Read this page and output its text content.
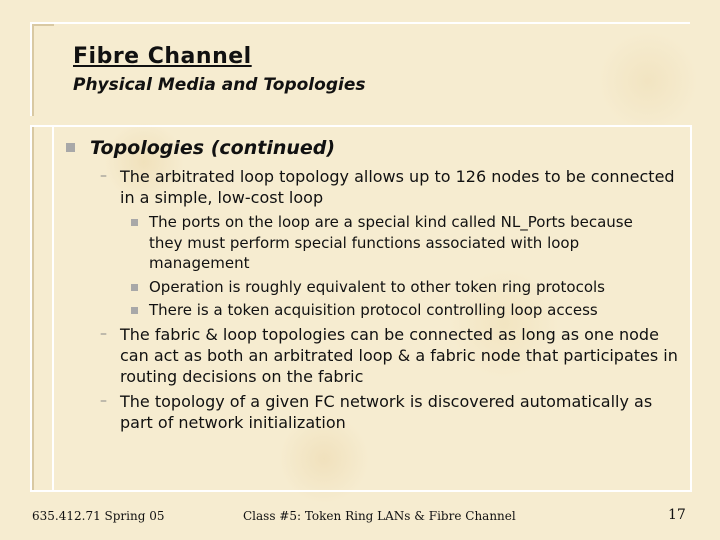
Fibre Channel
Physical Media and Topologies
Topologies (continued)
– The arbitrated loop topology allows up to 126 nodes to be connected in a simple, low-cost loop
The ports on the loop are a special kind called NL_Ports because they must perform special functions associated with loop management
Operation is roughly equivalent to other token ring protocols
There is a token acquisition protocol controlling loop access
– The fabric & loop topologies can be connected as long as one node can act as both an arbitrated loop & a fabric node that participates in routing decisions on the fabric
– The topology of a given FC network is discovered automatically as part of network initialization
635.412.71 Spring 05	Class #5: Token Ring LANs & Fibre Channel	17
